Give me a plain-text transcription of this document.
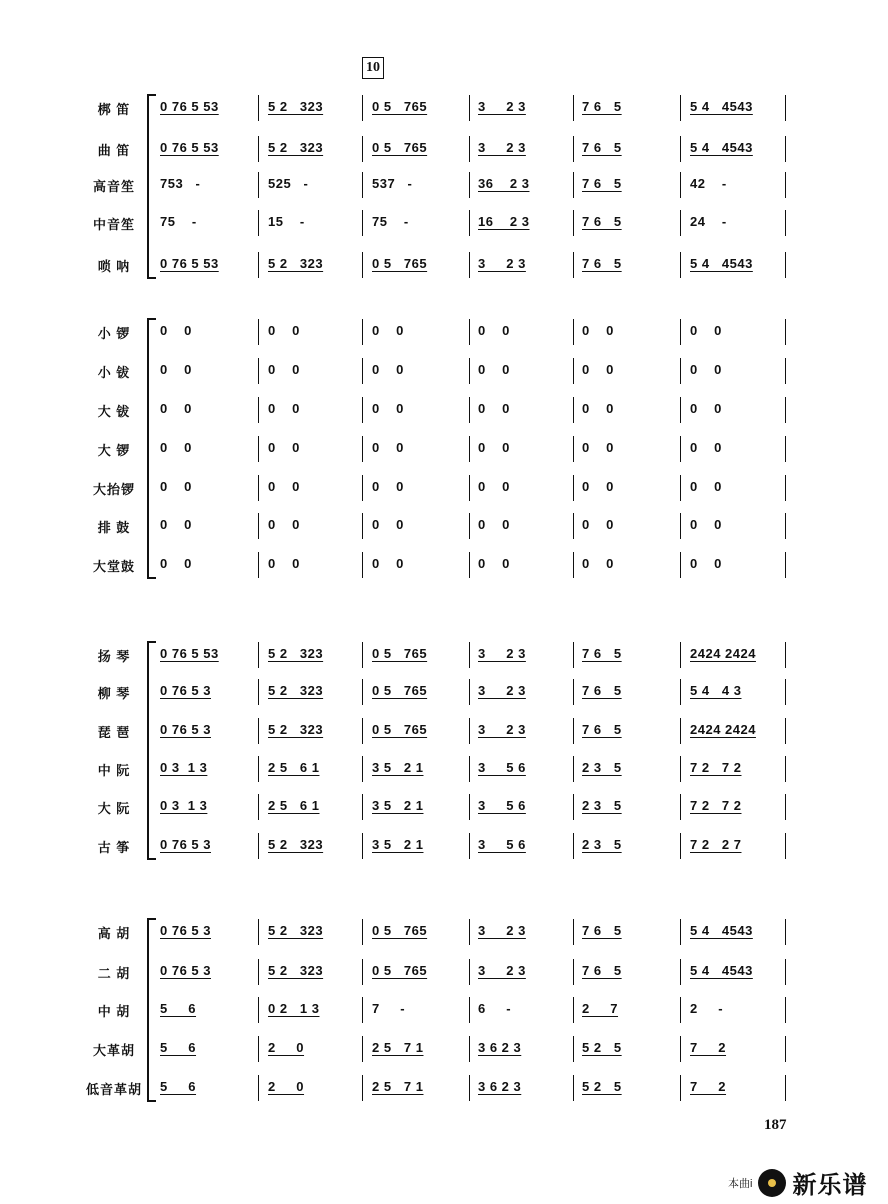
10
187
本曲i 新乐谱
梆 笛	0 76 5 53	5 2   323	0 5   765	3     2 3	7 6   5	5 4   4543
曲 笛	0 76 5 53	5 2   323	0 5   765	3     2 3	7 6   5	5 4   4543
高音笙	753   -	525   -	537   -	36    2 3	7 6   5	42    -
中音笙	75    -	15    -	75    -	16    2 3	7 6   5	24    -
唢 呐	0 76 5 53	5 2   323	0 5   765	3     2 3	7 6   5	5 4   4543
小 锣	0    0	0    0	0    0	0    0	0    0	0    0
小 钹	0    0	0    0	0    0	0    0	0    0	0    0
大 钹	0    0	0    0	0    0	0    0	0    0	0    0
大 锣	0    0	0    0	0    0	0    0	0    0	0    0
大抬锣	0    0	0    0	0    0	0    0	0    0	0    0
排 鼓	0    0	0    0	0    0	0    0	0    0	0    0
大堂鼓	0    0	0    0	0    0	0    0	0    0	0    0
扬 琴	0 76 5 53	5 2   323	0 5   765	3     2 3	7 6   5	2424 2424
柳 琴	0 76 5 3	5 2   323	0 5   765	3     2 3	7 6   5	5 4   4 3
琵 琶	0 76 5 3	5 2   323	0 5   765	3     2 3	7 6   5	2424 2424
中 阮	0 3  1 3	2 5   6 1	3 5   2 1	3     5 6	2 3   5	7 2   7 2
大 阮	0 3  1 3	2 5   6 1	3 5   2 1	3     5 6	2 3   5	7 2   7 2
古 筝	0 76 5 3	5 2   323	3 5   2 1	3     5 6	2 3   5	7 2   2 7
高 胡	0 76 5 3	5 2   323	0 5   765	3     2 3	7 6   5	5 4   4543
二 胡	0 76 5 3	5 2   323	0 5   765	3     2 3	7 6   5	5 4   4543
中 胡	5     6	0 2   1 3	7     -	6     -	2     7	2     -
大革胡	5     6	2     0	2 5   7 1	3 6 2 3	5 2   5	7     2
低音革胡	5     6	2     0	2 5   7 1	3 6 2 3	5 2   5	7     2
